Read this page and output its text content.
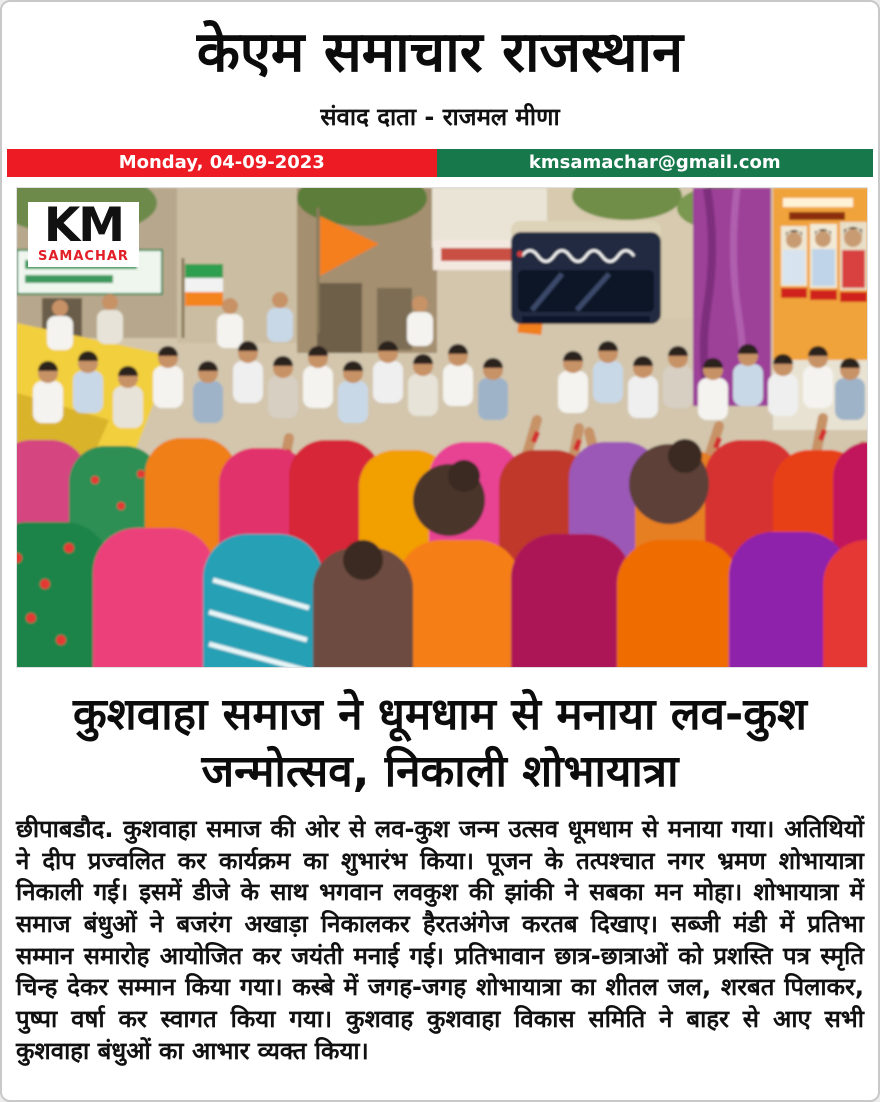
केएम समाचार राजस्थान
संवाद दाता - राजमल मीणा
Monday, 04-09-2023	kmsamachar@gmail.com
KM
SAMACHAR
कुशवाहा समाज ने धूमधाम से मनाया लव-कुश जन्मोत्सव, निकाली शोभायात्रा
छीपाबडौद. कुशवाहा समाज की ओर से लव-कुश जन्म उत्सव धूमधाम से मनाया गया। अतिथियों ने दीप प्रज्वलित कर कार्यक्रम का शुभारंभ किया। पूजन के तत्पश्चात नगर भ्रमण शोभायात्रा निकाली गई। इसमें डीजे के साथ भगवान लवकुश की झांकी ने सबका मन मोहा। शोभायात्रा में समाज बंधुओं ने बजरंग अखाड़ा निकालकर हैरतअंगेज करतब दिखाए। सब्जी मंडी में प्रतिभा सम्मान समारोह आयोजित कर जयंती मनाई गई। प्रतिभावान छात्र-छात्राओं को प्रशस्ति पत्र स्मृति चिन्ह देकर सम्मान किया गया। कस्बे में जगह-जगह शोभायात्रा का शीतल जल, शरबत पिलाकर, पुष्पा वर्षा कर स्वागत किया गया। कुशवाह कुशवाहा विकास समिति ने बाहर से आए सभी कुशवाहा बंधुओं का आभार व्यक्त किया।
